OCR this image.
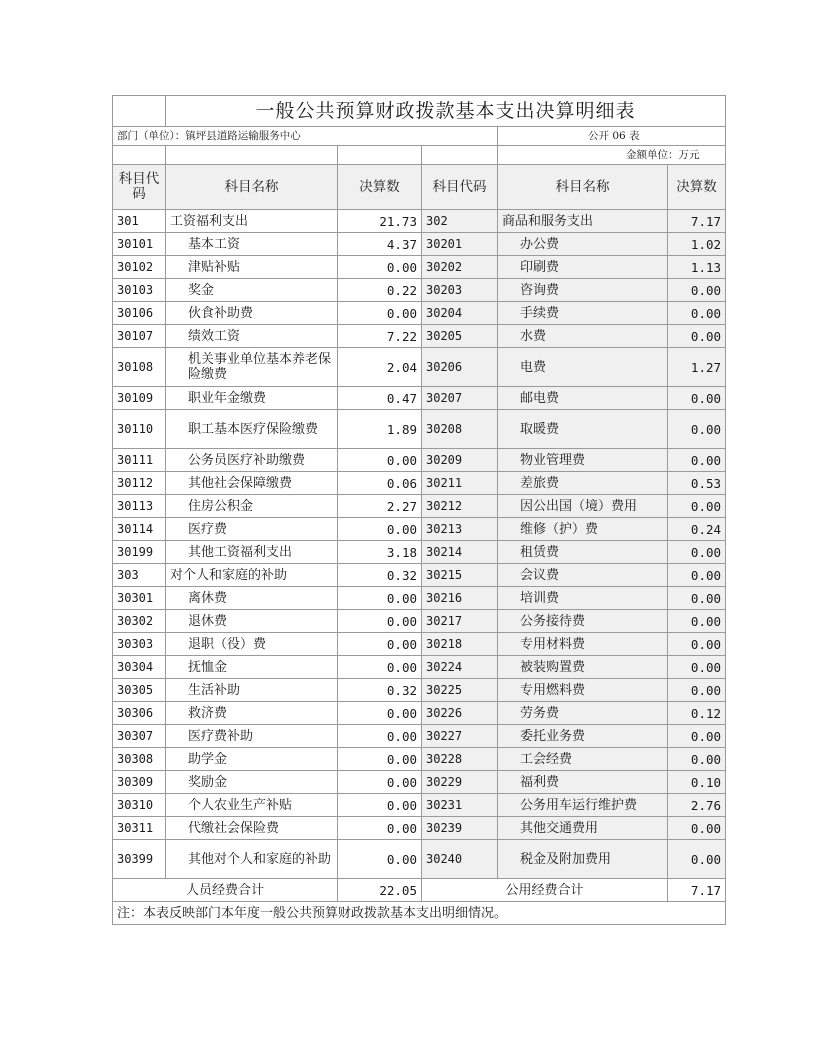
	一般公共预算财政拨款基本支出决算明细表				
部门（单位）：镇坪县道路运输服务中心				公开 06 表	
				金额单位：万元	
科目代码	科目名称	决算数	科目代码	科目名称	决算数
301	工资福利支出	21.73	302	商品和服务支出	7.17
30101	基本工资	4.37	30201	办公费	1.02
30102	津贴补贴	0.00	30202	印刷费	1.13
30103	奖金	0.22	30203	咨询费	0.00
30106	伙食补助费	0.00	30204	手续费	0.00
30107	绩效工资	7.22	30205	水费	0.00
30108	机关事业单位基本养老保险缴费	2.04	30206	电费	1.27
30109	职业年金缴费	0.47	30207	邮电费	0.00
30110	职工基本医疗保险缴费	1.89	30208	取暖费	0.00
30111	公务员医疗补助缴费	0.00	30209	物业管理费	0.00
30112	其他社会保障缴费	0.06	30211	差旅费	0.53
30113	住房公积金	2.27	30212	因公出国（境）费用	0.00
30114	医疗费	0.00	30213	维修（护）费	0.24
30199	其他工资福利支出	3.18	30214	租赁费	0.00
303	对个人和家庭的补助	0.32	30215	会议费	0.00
30301	离休费	0.00	30216	培训费	0.00
30302	退休费	0.00	30217	公务接待费	0.00
30303	退职（役）费	0.00	30218	专用材料费	0.00
30304	抚恤金	0.00	30224	被装购置费	0.00
30305	生活补助	0.32	30225	专用燃料费	0.00
30306	救济费	0.00	30226	劳务费	0.12
30307	医疗费补助	0.00	30227	委托业务费	0.00
30308	助学金	0.00	30228	工会经费	0.00
30309	奖励金	0.00	30229	福利费	0.10
30310	个人农业生产补贴	0.00	30231	公务用车运行维护费	2.76
30311	代缴社会保险费	0.00	30239	其他交通费用	0.00
30399	其他对个人和家庭的补助	0.00	30240	税金及附加费用	0.00
人员经费合计		22.05	公用经费合计		7.17
注：本表反映部门本年度一般公共预算财政拨款基本支出明细情况。					
